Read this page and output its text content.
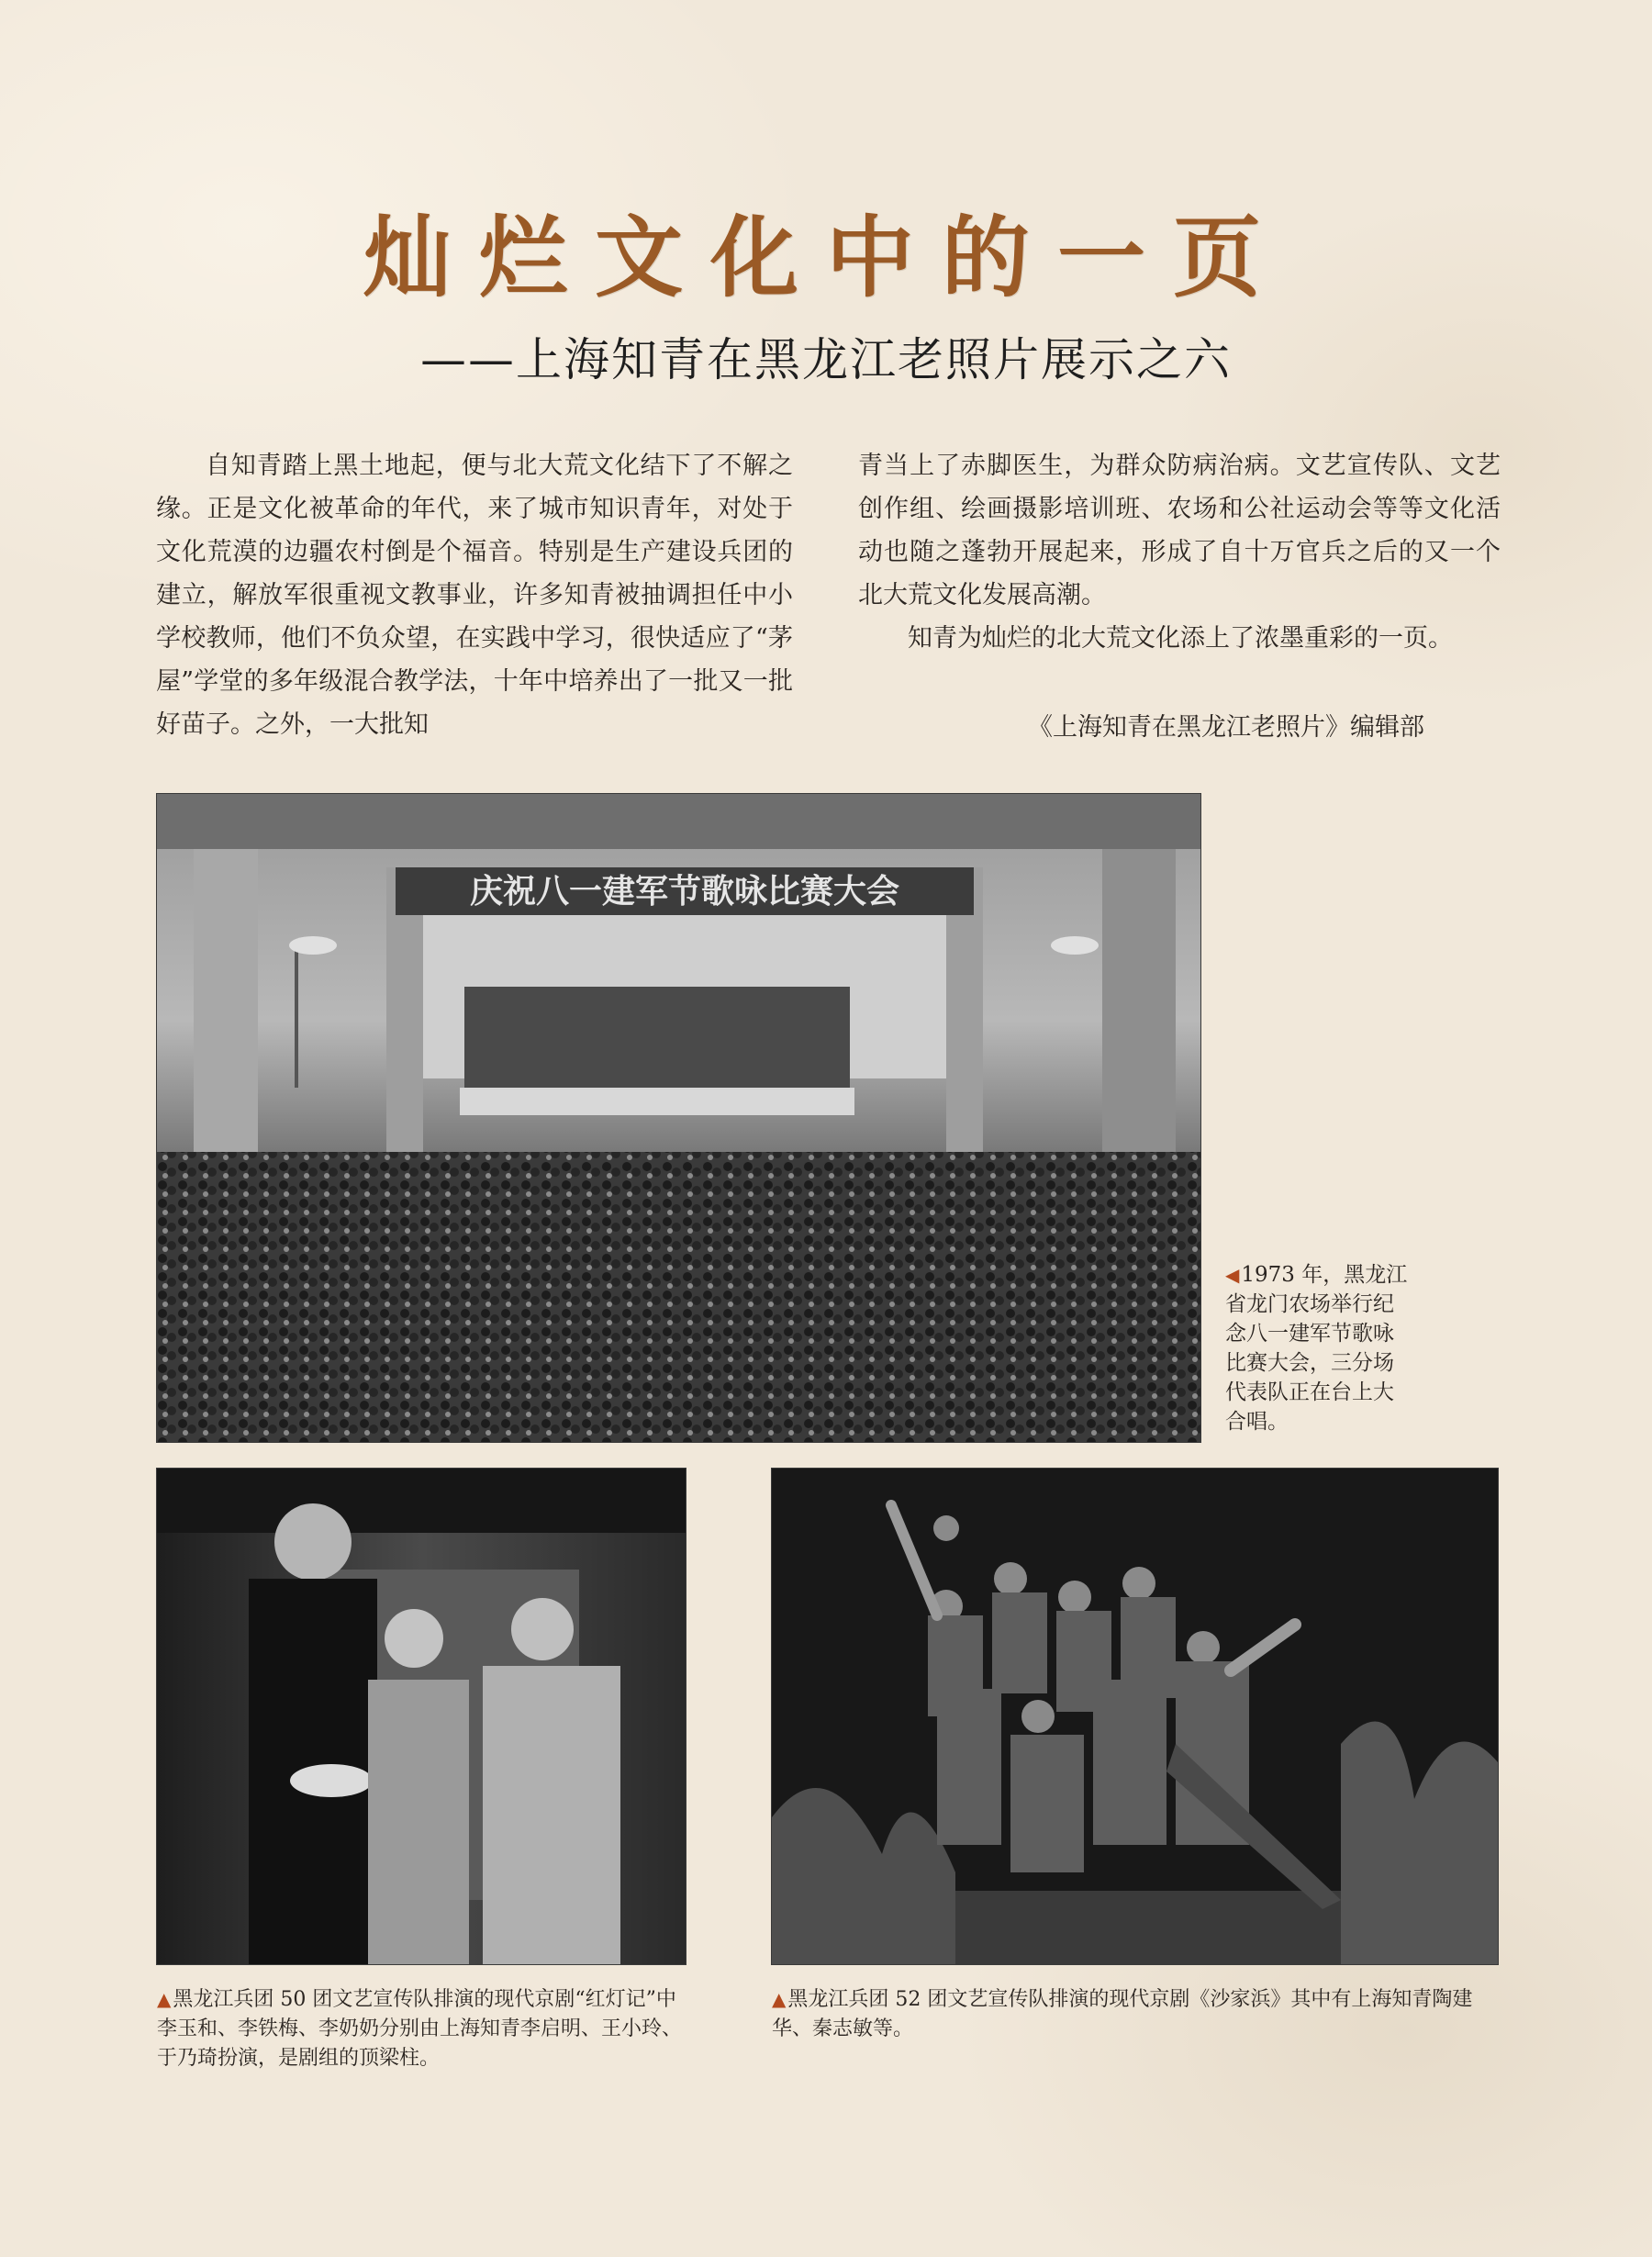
灿烂文化中的一页
——上海知青在黑龙江老照片展示之六

自知青踏上黑土地起，便与北大荒文化结下了不解之缘。正是文化被革命的年代，来了城市知识青年，对处于文化荒漠的边疆农村倒是个福音。特别是生产建设兵团的建立，解放军很重视文教事业，许多知青被抽调担任中小学校教师，他们不负众望，在实践中学习，很快适应了“茅屋”学堂的多年级混合教学法，十年中培养出了一批又一批好苗子。之外，一大批知

青当上了赤脚医生，为群众防病治病。文艺宣传队、文艺创作组、绘画摄影培训班、农场和公社运动会等等文化活动也随之蓬勃开展起来，形成了自十万官兵之后的又一个北大荒文化发展高潮。

知青为灿烂的北大荒文化添上了浓墨重彩的一页。

《上海知青在黑龙江老照片》编辑部
庆祝八一建军节歌咏比赛大会
◀1973 年，黑龙江省龙门农场举行纪念八一建军节歌咏比赛大会，三分场代表队正在台上大合唱。
▲黑龙江兵团 50 团文艺宣传队排演的现代京剧“红灯记”中李玉和、李铁梅、李奶奶分别由上海知青李启明、王小玲、于乃琦扮演，是剧组的顶梁柱。
▲黑龙江兵团 52 团文艺宣传队排演的现代京剧《沙家浜》其中有上海知青陶建华、秦志敏等。
